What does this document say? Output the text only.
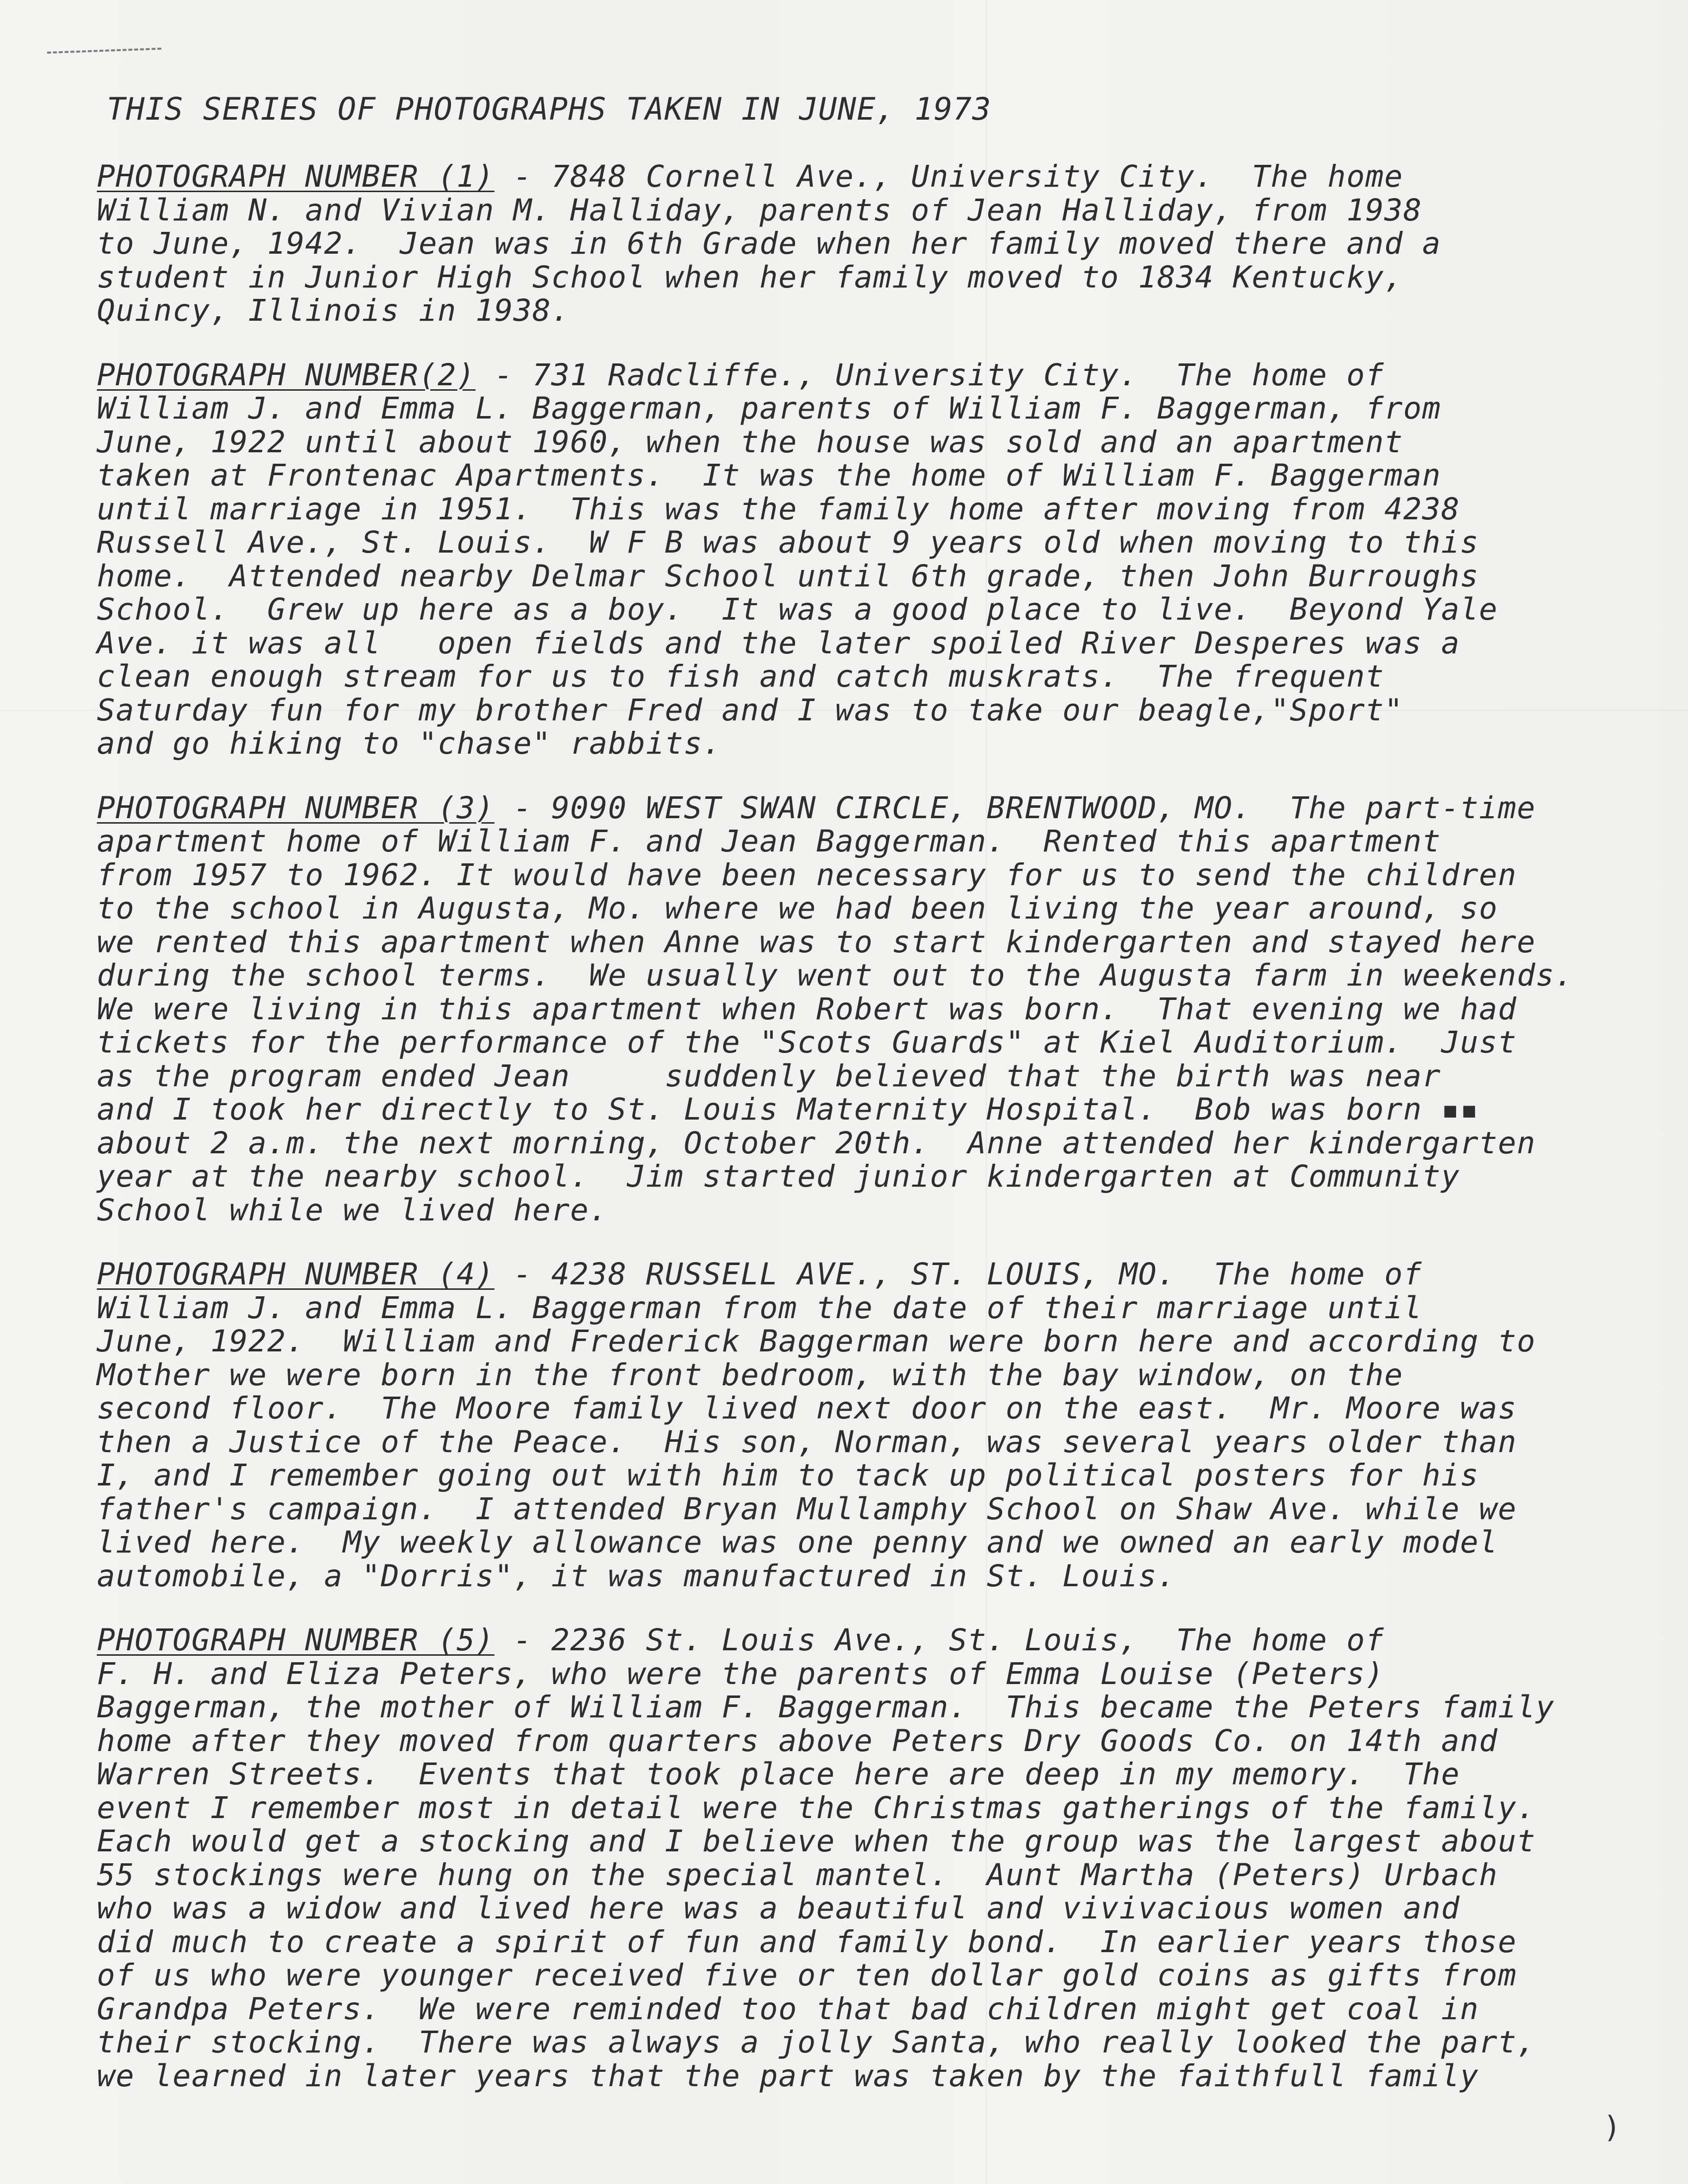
THIS SERIES OF PHOTOGRAPHS TAKEN IN JUNE, 1973
PHOTOGRAPH NUMBER (1) - 7848 Cornell Ave., University City.  The home
William N. and Vivian M. Halliday, parents of Jean Halliday, from 1938
to June, 1942.  Jean was in 6th Grade when her family moved there and a
student in Junior High School when her family moved to 1834 Kentucky,
Quincy, Illinois in 1938.
PHOTOGRAPH NUMBER(2) - 731 Radcliffe., University City.  The home of
William J. and Emma L. Baggerman, parents of William F. Baggerman, from
June, 1922 until about 1960, when the house was sold and an apartment
taken at Frontenac Apartments.  It was the home of William F. Baggerman
until marriage in 1951.  This was the family home after moving from 4238
Russell Ave., St. Louis.  W F B was about 9 years old when moving to this
home.  Attended nearby Delmar School until 6th grade, then John Burroughs
School.  Grew up here as a boy.  It was a good place to live.  Beyond Yale
Ave. it was all   open fields and the later spoiled River Desperes was a
clean enough stream for us to fish and catch muskrats.  The frequent
Saturday fun for my brother Fred and I was to take our beagle,"Sport"
and go hiking to "chase" rabbits.
PHOTOGRAPH NUMBER (3) - 9090 WEST SWAN CIRCLE, BRENTWOOD, MO.  The part-time
apartment home of William F. and Jean Baggerman.  Rented this apartment
from 1957 to 1962. It would have been necessary for us to send the children
to the school in Augusta, Mo. where we had been living the year around, so
we rented this apartment when Anne was to start kindergarten and stayed here
during the school terms.  We usually went out to the Augusta farm in weekends.
We were living in this apartment when Robert was born.  That evening we had
tickets for the performance of the "Scots Guards" at Kiel Auditorium.  Just
as the program ended Jean     suddenly believed that the birth was near
and I took her directly to St. Louis Maternity Hospital.  Bob was born ▪▪
about 2 a.m. the next morning, October 20th.  Anne attended her kindergarten
year at the nearby school.  Jim started junior kindergarten at Community
School while we lived here.
PHOTOGRAPH NUMBER (4) - 4238 RUSSELL AVE., ST. LOUIS, MO.  The home of
William J. and Emma L. Baggerman from the date of their marriage until
June, 1922.  William and Frederick Baggerman were born here and according to
Mother we were born in the front bedroom, with the bay window, on the
second floor.  The Moore family lived next door on the east.  Mr. Moore was
then a Justice of the Peace.  His son, Norman, was several years older than
I, and I remember going out with him to tack up political posters for his
father's campaign.  I attended Bryan Mullamphy School on Shaw Ave. while we
lived here.  My weekly allowance was one penny and we owned an early model
automobile, a "Dorris", it was manufactured in St. Louis.
PHOTOGRAPH NUMBER (5) - 2236 St. Louis Ave., St. Louis,  The home of
F. H. and Eliza Peters, who were the parents of Emma Louise (Peters)
Baggerman, the mother of William F. Baggerman.  This became the Peters family
home after they moved from quarters above Peters Dry Goods Co. on 14th and
Warren Streets.  Events that took place here are deep in my memory.  The
event I remember most in detail were the Christmas gatherings of the family.
Each would get a stocking and I believe when the group was the largest about
55 stockings were hung on the special mantel.  Aunt Martha (Peters) Urbach
who was a widow and lived here was a beautiful and vivivacious women and
did much to create a spirit of fun and family bond.  In earlier years those
of us who were younger received five or ten dollar gold coins as gifts from
Grandpa Peters.  We were reminded too that bad children might get coal in
their stocking.  There was always a jolly Santa, who really looked the part,
we learned in later years that the part was taken by the faithfull family
)
